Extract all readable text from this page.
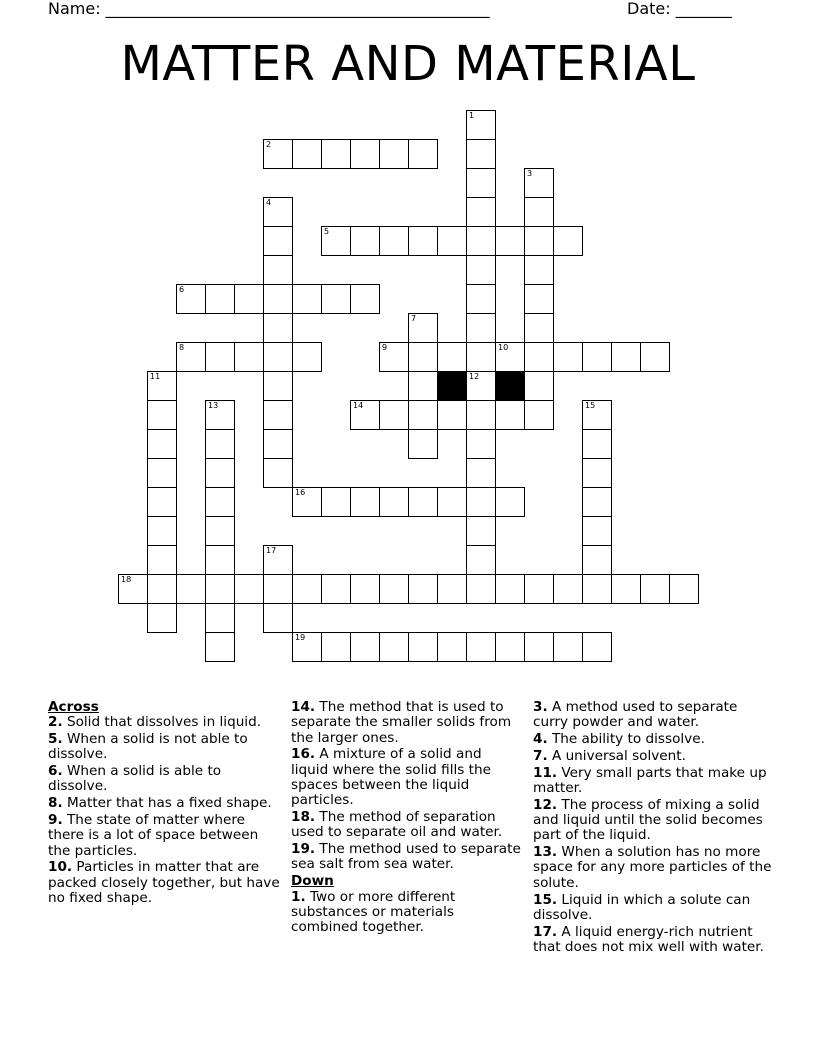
Name: ________________________________________________	Date: _______
MATTER AND MATERIAL
1
2
3
4
5
6
7
8	9	10
11	12
14
13	15
16
17
18
19
Across
2. Solid that dissolves in liquid.
5. When a solid is not able to dissolve.
6. When a solid is able to dissolve.
8. Matter that has a fixed shape.
9. The state of matter where there is a lot of space between the particles.
10. Particles in matter that are packed closely together, but have no fixed shape.
14. The method that is used to separate the smaller solids from the larger ones.
16. A mixture of a solid and liquid where the solid fills the spaces between the liquid particles.
18. The method of separation used to separate oil and water.
19. The method used to separate sea salt from sea water.
Down
1. Two or more different substances or materials combined together.
3. A method used to separate curry powder and water.
4. The ability to dissolve.
7. A universal solvent.
11. Very small parts that make up matter.
12. The process of mixing a solid and liquid until the solid becomes part of the liquid.
13. When a solution has no more space for any more particles of the solute.
15. Liquid in which a solute can dissolve.
17. A liquid energy-rich nutrient that does not mix well with water.
